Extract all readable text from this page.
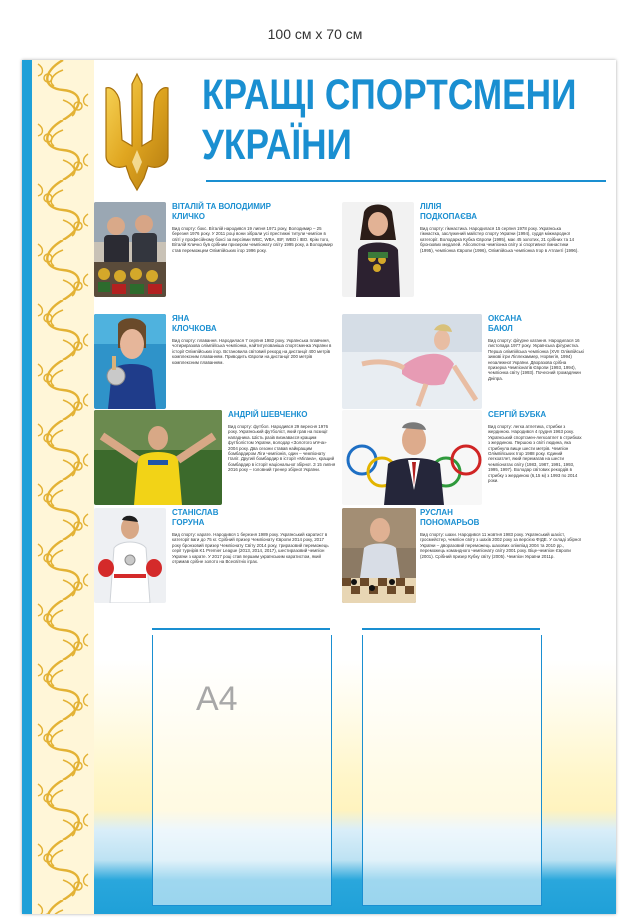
100 см х 70 см
КРАЩІ СПОРТСМЕНИ
УКРАЇНИ
ВІТАЛІЙ ТА ВОЛОДИМИР
КЛИЧКО
Вид спорту: бокс. Віталій народився 19 липня 1971 року, Володимир – 25 березня 1976 року. У 2011 році вони зібрали усі престижні титули чемпіон в світі у професійному боксі за версіями WBC, WBA, IBF, WBO і IBO. Крім того, Віталій Кличко був срібним призером чемпіонату світу 1995 року, а Володимир став переможцем Олімпійських ігор 1996 року.
ЛІЛІЯ
ПОДКОПАЄВА
Вид спорту: гімнастика. Народилася 15 серпня 1978 року. Українська гімнастка, заслужений майстер спорту України (1994), суддя міжнародної категорії. Володарка Кубка Європи (1995), має 45 золотих, 21 срібних та 14 бронзових медалей. Абсолютна чемпіонка світу зі спортивної гімнастики (1995), чемпіонка Європи (1996), Олімпійська чемпіонка Ігор в Атланті (1996).
ЯНА
КЛОЧКОВА
Вид спорту: плавання. Народилася 7 серпня 1982 року. Українська плавчиня, чотириразова олімпійська чемпіонка, найтитулованіша спортсменка України в історії Олімпійських ігор. Встановила світовий рекорд на дистанції 400 метрів комплексним плаванням. Приводить Європи на дистанції 200 метрів комплексним плаванням.
ОКСАНА
БАЮЛ
Вид спорту: фігурне катання. Народилася 16 листопада 1977 року. Українська фігуристка. Перша олімпійська чемпіонка (XVII Олімпійські зимові ігри Ліллехаммер, Норвегія, 1994) незалежної України. Дворазова срібна призерка Чемпіонатів Європи (1993, 1994), чемпіонка світу (1993). Почесний громадянин Дніпра.
АНДРІЙ ШЕВЧЕНКО
Вид спорту: футбол. Народився 29 вересня 1976 року. Український футболіст, який грав на позиції нападника. Шість разів визнаваєся кращим футболістом України, володар «Золотого м'яча» 2004 року. Два сезони ставав найкращим бомбардиром Ліги чемпіонів, один – чемпіонату Італії. Другий бомбардир в історії «Мілана», кращий бомбардир в історії національної збірної. З 15 липня 2016 року – головний тренер збірної України.
СЕРГІЙ БУБКА
Вид спорту: легка атлетика, стрибки з жердиною. Народився 4 грудня 1963 року. Український спортсмен-легкоатлет в стрибках з жердиною. Першою з світі людина, яка стрибнула вище шести метрів. Чемпіон Олімпійських Ігор 1988 року. Єдиний легкоатлет, який перемагав на шести чемпіонатах світу (1983, 1987, 1991, 1993, 1995, 1997). Володар світових рекордів в стрибку з жердиною (6,15 м) з 1993 по 2014 роки.
СТАНІСЛАВ
ГОРУНА
Вид спорту: карате. Народився 1 березня 1989 року. Український каратист в категорії ваги до 75 кг. Срібний призер Чемпіонату Європи 2014 року, 2017 року бронзовий призер Чемпіонату Світу 2014 року, триразовий переможець серії турнірів K1 Premier League (2013, 2014, 2017), шестиразовий чемпіон України з карате. У 2017 році став першим українським каратистом, який отримав срібне золото на Всесвітніх іграх.
РУСЛАН
ПОНОМАРЬОВ
Вид спорту: шахи. Народився 11 жовтня 1983 року. Український шахіст, гросмейстер, чемпіон світу з шахів 2002 року за версією ФІДЕ. У складі збірної України – дворазовий переможець шахових олімпіад 2004 та 2010 рр., переможець командного чемпіонату світу 2001 року. Віце-чемпіон Європи (2001). Срібний призер Кубку світу (2005). Чемпіон України 2011р.
А4
